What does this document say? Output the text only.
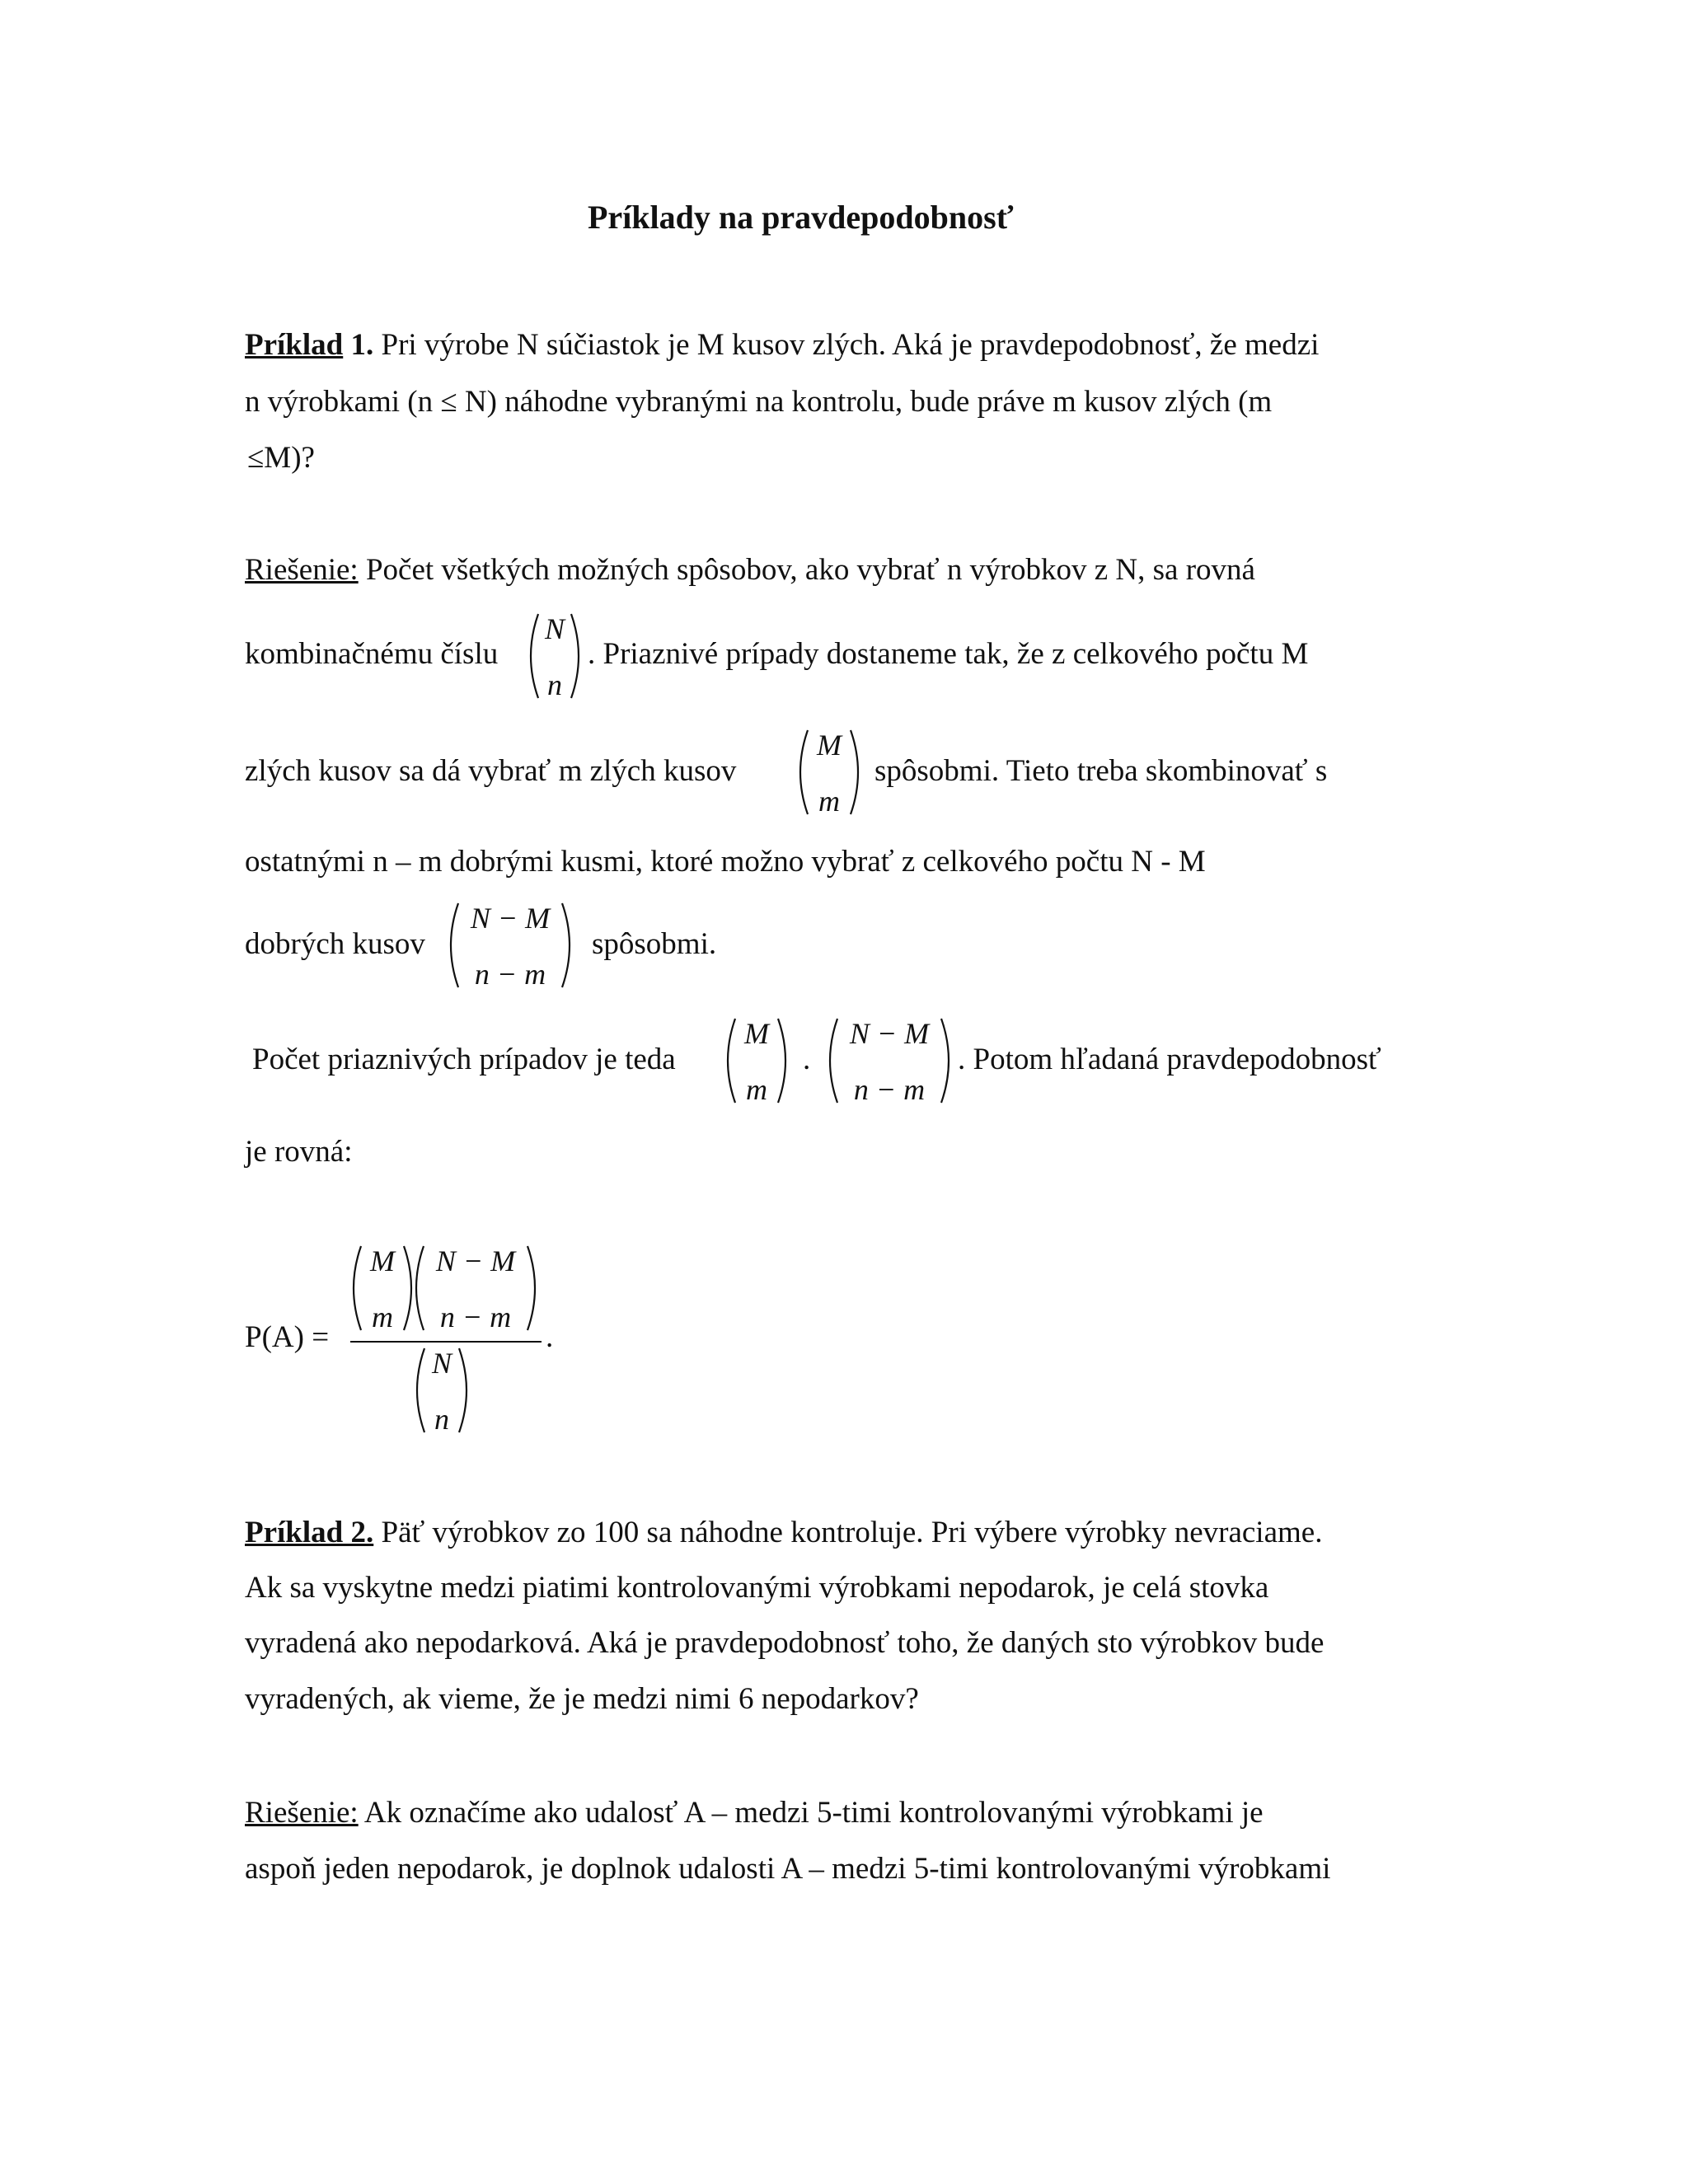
Príklady na pravdepodobnosť
Príklad 1. Pri výrobe N súčiastok je M kusov zlých. Aká je pravdepodobnosť, že medzi
n výrobkami (n ≤ N) náhodne vybranými na kontrolu, bude práve m kusov zlých (m
≤M)?
Riešenie: Počet všetkých možných spôsobov, ako vybrať n výrobkov z N, sa rovná
kombinačnému číslu
N
n
. Priaznivé prípady dostaneme tak, že z celkového počtu M
zlých kusov sa dá vybrať m zlých kusov
M
m
spôsobmi. Tieto treba skombinovať s
ostatnými n – m dobrými kusmi, ktoré možno vybrať z celkového počtu N - M
dobrých kusov
N − M
n − m
spôsobmi.
Počet priaznivých prípadov je teda
M
m
.
N − M
n − m
. Potom hľadaná pravdepodobnosť
je rovná:
P(A) =
M
m
N − M
n − m
N
n
.
Príklad 2. Päť výrobkov zo 100 sa náhodne kontroluje. Pri výbere výrobky nevraciame.
Ak sa vyskytne medzi piatimi kontrolovanými výrobkami nepodarok, je celá stovka
vyradená ako nepodarková. Aká je pravdepodobnosť toho, že daných sto výrobkov bude
vyradených, ak vieme, že je medzi nimi 6 nepodarkov?
Riešenie: Ak označíme ako udalosť A – medzi 5-timi kontrolovanými výrobkami je
aspoň jeden nepodarok, je doplnok udalosti A – medzi 5-timi kontrolovanými výrobkami
